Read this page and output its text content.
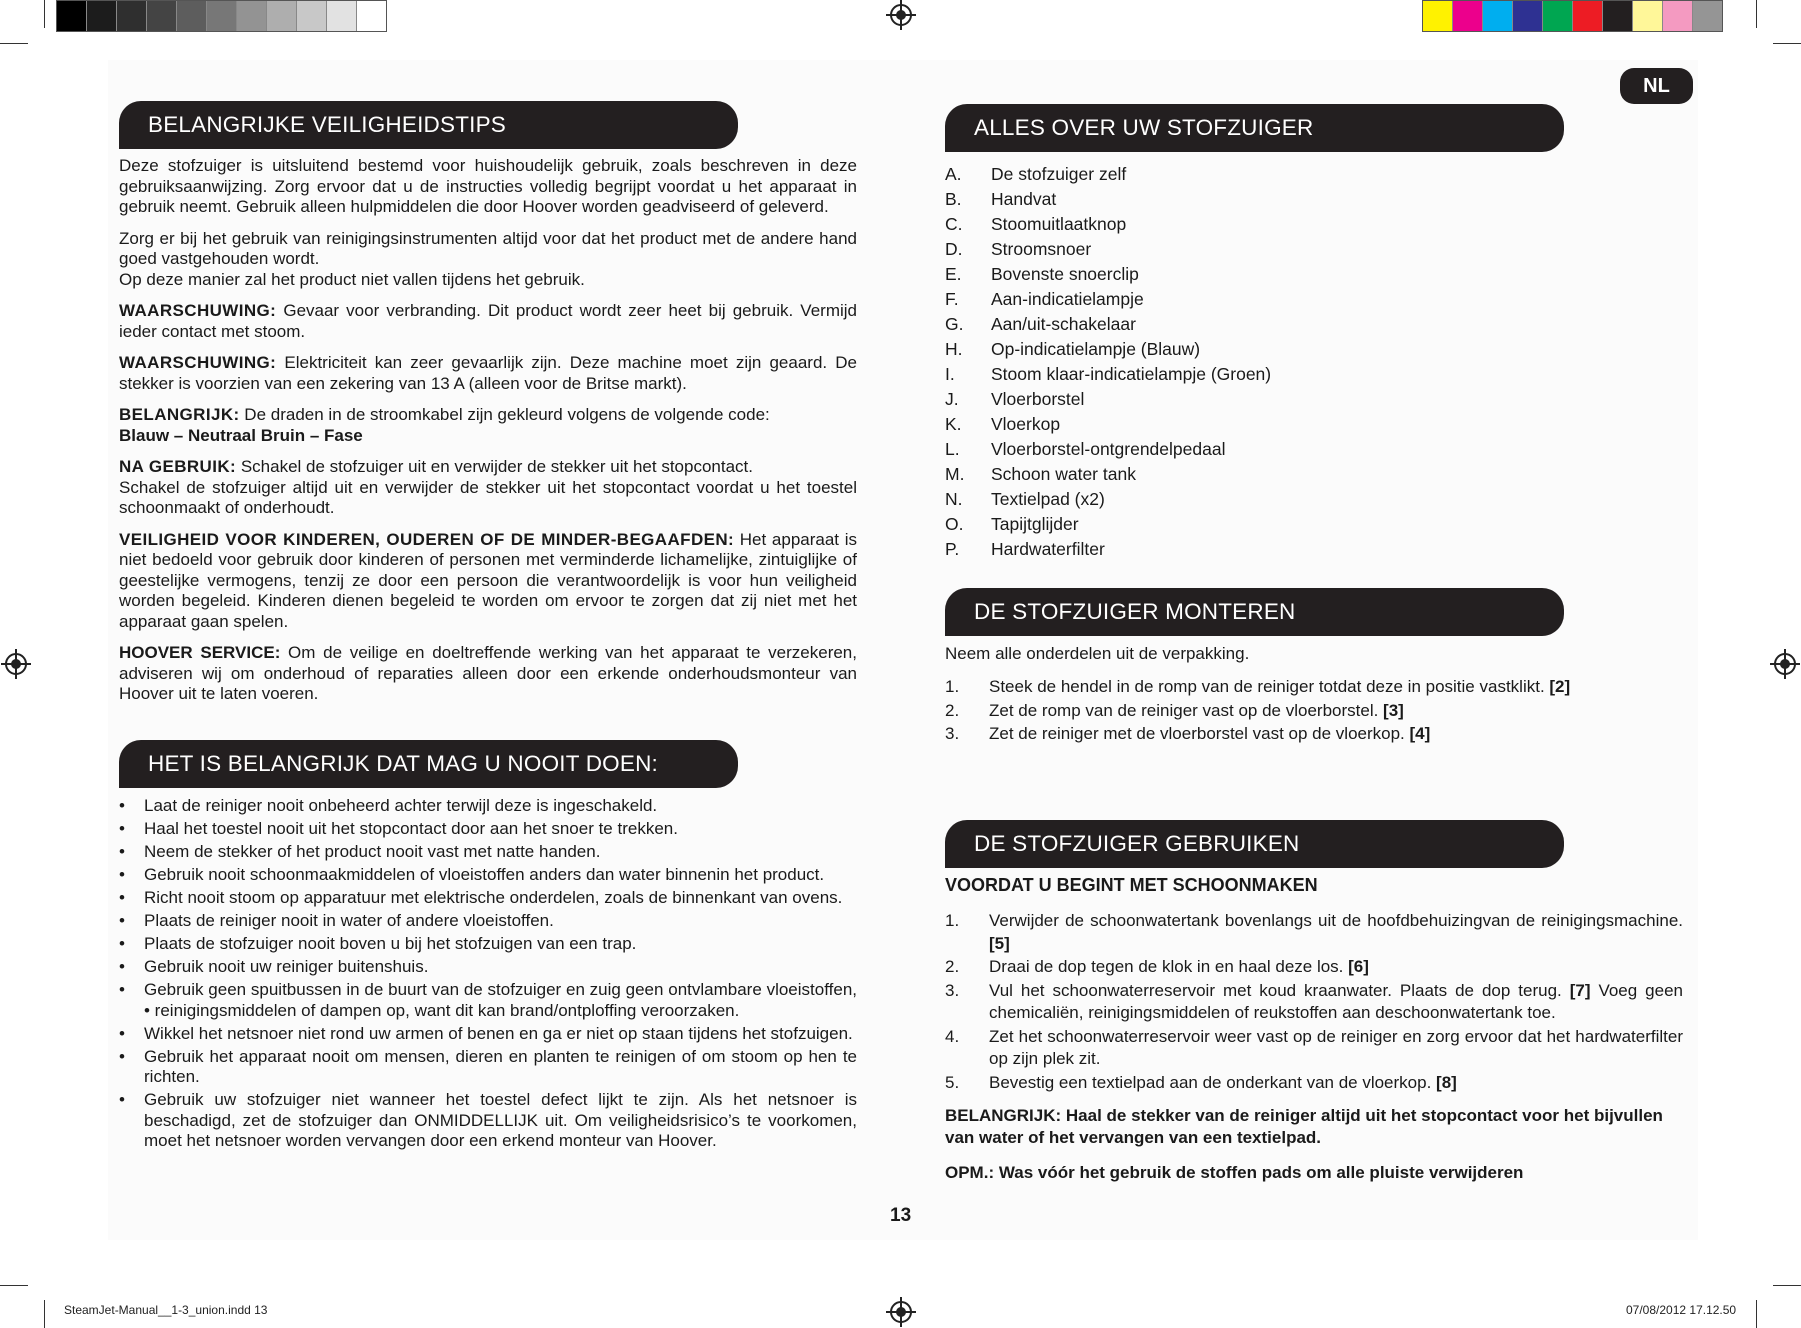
NL
BELANGRIJKE VEILIGHEIDSTIPS

Deze stofzuiger is uitsluitend bestemd voor huishoudelijk gebruik, zoals beschreven in deze gebruiksaanwijzing. Zorg ervoor dat u de instructies volledig begrijpt voordat u het apparaat in gebruik neemt. Gebruik alleen hulpmiddelen die door Hoover worden geadviseerd of geleverd.

Zorg er bij het gebruik van reinigingsinstrumenten altijd voor dat het product met de andere hand goed vastgehouden wordt.
Op deze manier zal het product niet vallen tijdens het gebruik.

WAARSCHUWING: Gevaar voor verbranding. Dit product wordt zeer heet bij gebruik. Vermijd ieder contact met stoom.

WAARSCHUWING: Elektriciteit kan zeer gevaarlijk zijn. Deze machine moet zijn geaard. De stekker is voorzien van een zekering van 13 A (alleen voor de Britse markt).

BELANGRIJK: De draden in de stroomkabel zijn gekleurd volgens de volgende code:
Blauw – Neutraal Bruin – Fase

NA GEBRUIK: Schakel de stofzuiger uit en verwijder de stekker uit het stopcontact.
Schakel de stofzuiger altijd uit en verwijder de stekker uit het stopcontact voordat u het toestel schoonmaakt of onderhoudt.

VEILIGHEID VOOR KINDEREN, OUDEREN OF DE MINDER-BEGAAFDEN: Het apparaat is niet bedoeld voor gebruik door kinderen of personen met verminderde lichamelijke, zintuiglijke of geestelijke vermogens, tenzij ze door een persoon die verantwoordelijk is voor hun veiligheid worden begeleid. Kinderen dienen begeleid te worden om ervoor te zorgen dat zij niet met het apparaat gaan spelen.

HOOVER SERVICE: Om de veilige en doeltreffende werking van het apparaat te verzekeren, adviseren wij om onderhoud of reparaties alleen door een erkende onderhoudsmonteur van Hoover uit te laten voeren.

HET IS BELANGRIJK DAT MAG U NOOIT DOEN:
• Laat de reiniger nooit onbeheerd achter terwijl deze is ingeschakeld.
• Haal het toestel nooit uit het stopcontact door aan het snoer te trekken.
• Neem de stekker of het product nooit vast met natte handen.
• Gebruik nooit schoonmaakmiddelen of vloeistoffen anders dan water binnenin het product.
• Richt nooit stoom op apparatuur met elektrische onderdelen, zoals de binnenkant van ovens.
• Plaats de reiniger nooit in water of andere vloeistoffen.
• Plaats de stofzuiger nooit boven u bij het stofzuigen van een trap.
• Gebruik nooit uw reiniger buitenshuis.
• Gebruik geen spuitbussen in de buurt van de stofzuiger en zuig geen ontvlambare vloeistoffen, • reinigingsmiddelen of dampen op, want dit kan brand/ontploffing veroorzaken.
• Wikkel het netsnoer niet rond uw armen of benen en ga er niet op staan tijdens het stofzuigen.
• Gebruik het apparaat nooit om mensen, dieren en planten te reinigen of om stoom op hen te richten.
• Gebruik uw stofzuiger niet wanneer het toestel defect lijkt te zijn. Als het netsnoer is beschadigd, zet de stofzuiger dan ONMIDDELLIJK uit. Om veiligheidsrisico’s te voorkomen, moet het netsnoer worden vervangen door een erkend monteur van Hoover.
ALLES OVER UW STOFZUIGER
A.	De stofzuiger zelf
B.	Handvat
C.	Stoomuitlaatknop
D.	Stroomsnoer
E.	Bovenste snoerclip
F.	Aan-indicatielampje
G.	Aan/uit-schakelaar
H.	Op-indicatielampje (Blauw)
I.	Stoom klaar-indicatielampje (Groen)
J.	Vloerborstel
K.	Vloerkop
L.	Vloerborstel-ontgrendelpedaal
M.	Schoon water tank
N.	Textielpad (x2)
O.	Tapijtglijder
P.	Hardwaterfilter
DE STOFZUIGER MONTEREN
Neem alle onderdelen uit de verpakking.
1.	Steek de hendel in de romp van de reiniger totdat deze in positie vastklikt. [2]
2.	Zet de romp van de reiniger vast op de vloerborstel. [3]
3.	Zet de reiniger met de vloerborstel vast op de vloerkop. [4]
DE STOFZUIGER GEBRUIKEN
VOORDAT U BEGINT MET SCHOONMAKEN
1.	Verwijder de schoonwatertank bovenlangs uit de hoofdbehuizingvan de reinigingsmachine. [5]
2.	Draai de dop tegen de klok in en haal deze los. [6]
3.	Vul het schoonwaterreservoir met koud kraanwater. Plaats de dop terug. [7] Voeg geen chemicaliën, reinigingsmiddelen of reukstoffen aan deschoonwatertank toe.
4.	Zet het schoonwaterreservoir weer vast op de reiniger en zorg ervoor dat het hardwaterfilter op zijn plek zit.
5.	Bevestig een textielpad aan de onderkant van de vloerkop. [8]
BELANGRIJK: Haal de stekker van de reiniger altijd uit het stopcontact voor het bijvullen van water of het vervangen van een textielpad.
OPM.: Was vóór het gebruik de stoffen pads om alle pluiste verwijderen
13
SteamJet-Manual__1-3_union.indd 13	07/08/2012 17.12.50
